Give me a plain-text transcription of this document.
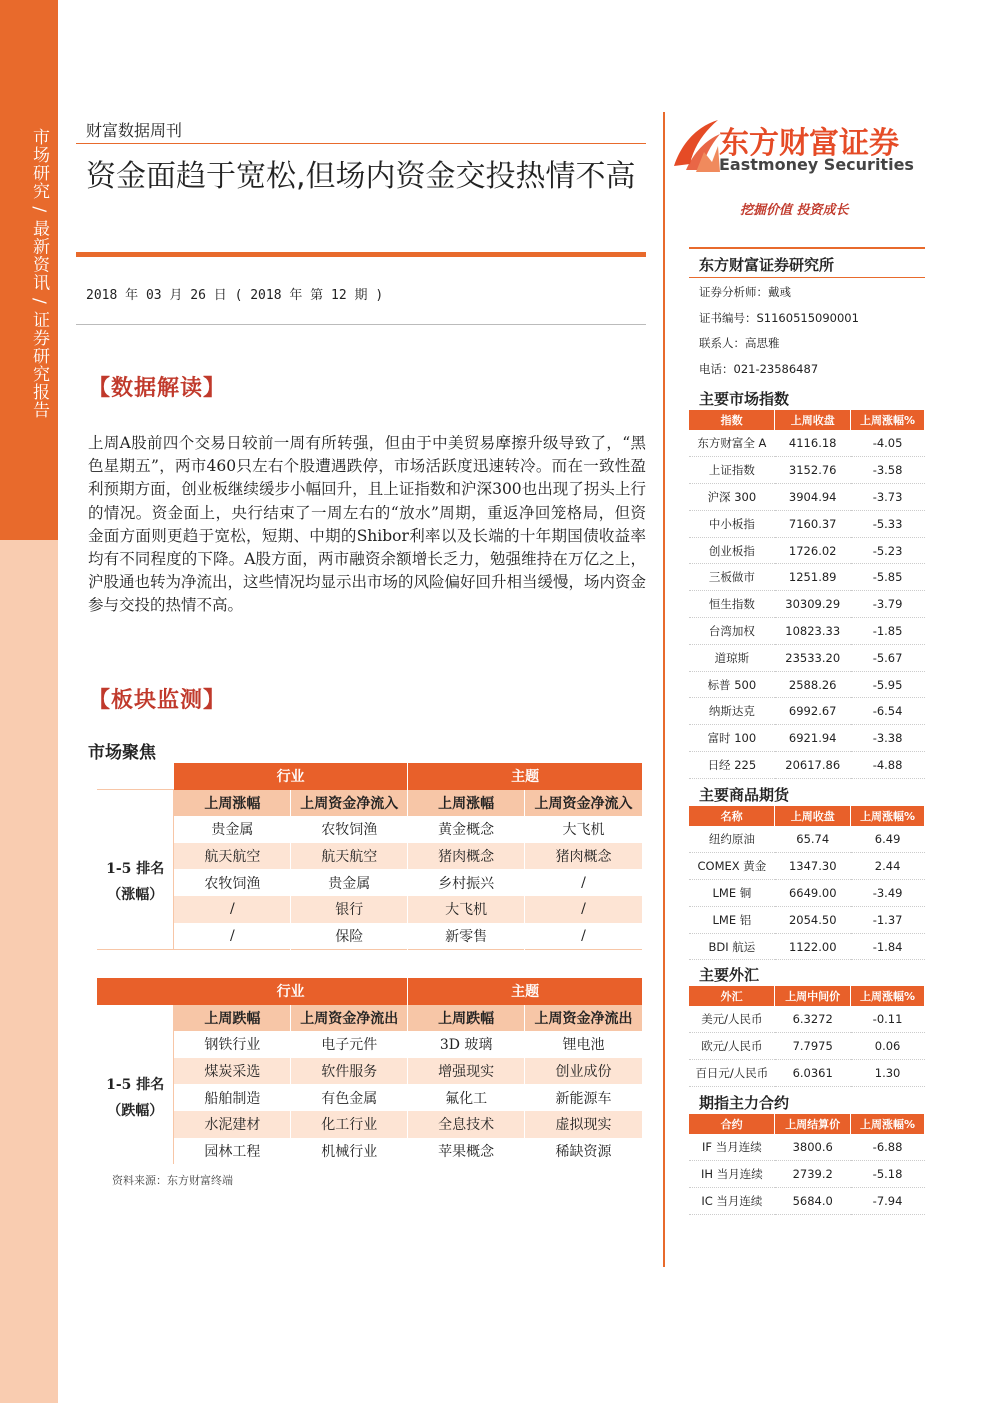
市场研究 / 最新资讯 / 证券研究报告 财富数据周刊
资金面趋于宽松,但场内资金交投热情不高
2018 年 03 月 26 日 ( 2018 年 第 12 期 )
【数据解读】
上周A股前四个交易日较前一周有所转强，但由于中美贸易摩擦升级导致了，“黑色星期五”，两市460只左右个股遭遇跌停，市场活跃度迅速转冷。而在一致性盈利预期方面，创业板继续缓步小幅回升，且上证指数和沪深300也出现了拐头上行的情况。资金面上，央行结束了一周左右的“放水”周期，重返净回笼格局，但资金面方面则更趋于宽松，短期、中期的Shibor利率以及长端的十年期国债收益率均有不同程度的下降。A股方面，两市融资余额增长乏力，勉强维持在万亿之上，沪股通也转为净流出，这些情况均显示出市场的风险偏好回升相当缓慢，场内资金参与交投的热情不高。
【板块监测】
市场聚焦
	行业		主题	
	上周涨幅	上周资金净流入	上周涨幅	上周资金净流入
1-5 排名
（涨幅）	贵金属	农牧饲渔	黄金概念	大飞机
	航天航空	航天航空	猪肉概念	猪肉概念
	农牧饲渔	贵金属	乡村振兴	/
	/	银行	大飞机	/
	/	保险	新零售	/
	行业		主题	
	上周跌幅	上周资金净流出	上周跌幅	上周资金净流出
1-5 排名
（跌幅）	钢铁行业	电子元件	3D 玻璃	锂电池
	煤炭采选	软件服务	增强现实	创业成份
	船舶制造	有色金属	氟化工	新能源车
	水泥建材	化工行业	全息技术	虚拟现实
	园林工程	机械行业	苹果概念	稀缺资源
资料来源：东方财富终端
东方财富证券
Eastmoney Securities
挖掘价值 投资成长
东方财富证券研究所
证券分析师：戴彧
证书编号：S1160515090001
联系人：高思雅
电话：021-23586487
主要市场指数
指数	上周收盘	上周涨幅%
东方财富全 A	4116.18	-4.05
上证指数	3152.76	-3.58
沪深 300	3904.94	-3.73
中小板指	7160.37	-5.33
创业板指	1726.02	-5.23
三板做市	1251.89	-5.85
恒生指数	30309.29	-3.79
台湾加权	10823.33	-1.85
道琼斯	23533.20	-5.67
标普 500	2588.26	-5.95
纳斯达克	6992.67	-6.54
富时 100	6921.94	-3.38
日经 225	20617.86	-4.88
主要商品期货
名称	上周收盘	上周涨幅%
纽约原油	65.74	6.49
COMEX 黄金	1347.30	2.44
LME 铜	6649.00	-3.49
LME 铝	2054.50	-1.37
BDI 航运	1122.00	-1.84
主要外汇
外汇	上周中间价	上周涨幅%
美元/人民币	6.3272	-0.11
欧元/人民币	7.7975	0.06
百日元/人民币	6.0361	1.30
期指主力合约
合约	上周结算价	上周涨幅%
IF 当月连续	3800.6	-6.88
IH 当月连续	2739.2	-5.18
IC 当月连续	5684.0	-7.94
